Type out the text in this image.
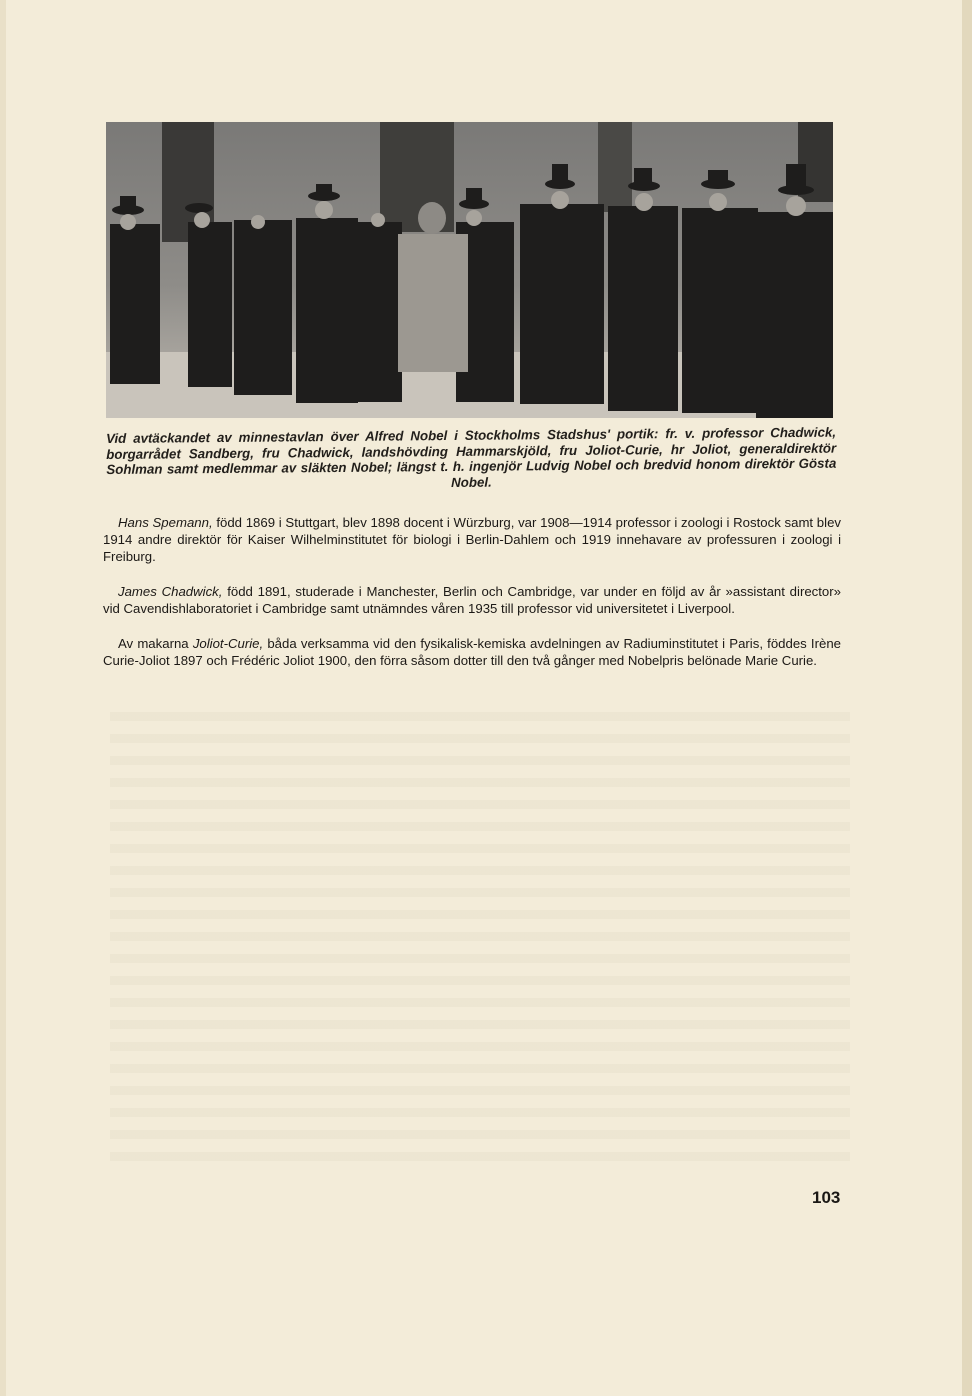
Vid avtäckandet av minnestavlan över Alfred Nobel i Stockholms Stadshus' portik: fr. v. professor Chadwick, borgarrådet Sandberg, fru Chadwick, landshövding Hammarskjöld, fru Joliot-Curie, hr Joliot, generaldirektör Sohlman samt medlemmar av släkten Nobel; längst t. h. ingenjör Ludvig Nobel och bredvid honom direktör Gösta Nobel.

Hans Spemann, född 1869 i Stuttgart, blev 1898 docent i Würzburg, var 1908—1914 professor i zoologi i Rostock samt blev 1914 andre direktör för Kaiser Wilhelminstitutet för biologi i Berlin-Dahlem och 1919 innehavare av professuren i zoologi i Freiburg.

James Chadwick, född 1891, studerade i Manchester, Berlin och Cambridge, var under en följd av år »assistant director» vid Cavendishlaboratoriet i Cambridge samt utnämndes våren 1935 till professor vid universitetet i Liverpool.

Av makarna Joliot-Curie, båda verksamma vid den fysikalisk-kemiska avdelningen av Radiuminstitutet i Paris, föddes Irène Curie-Joliot 1897 och Frédéric Joliot 1900, den förra såsom dotter till den två gånger med Nobelpris belönade Marie Curie.

103
